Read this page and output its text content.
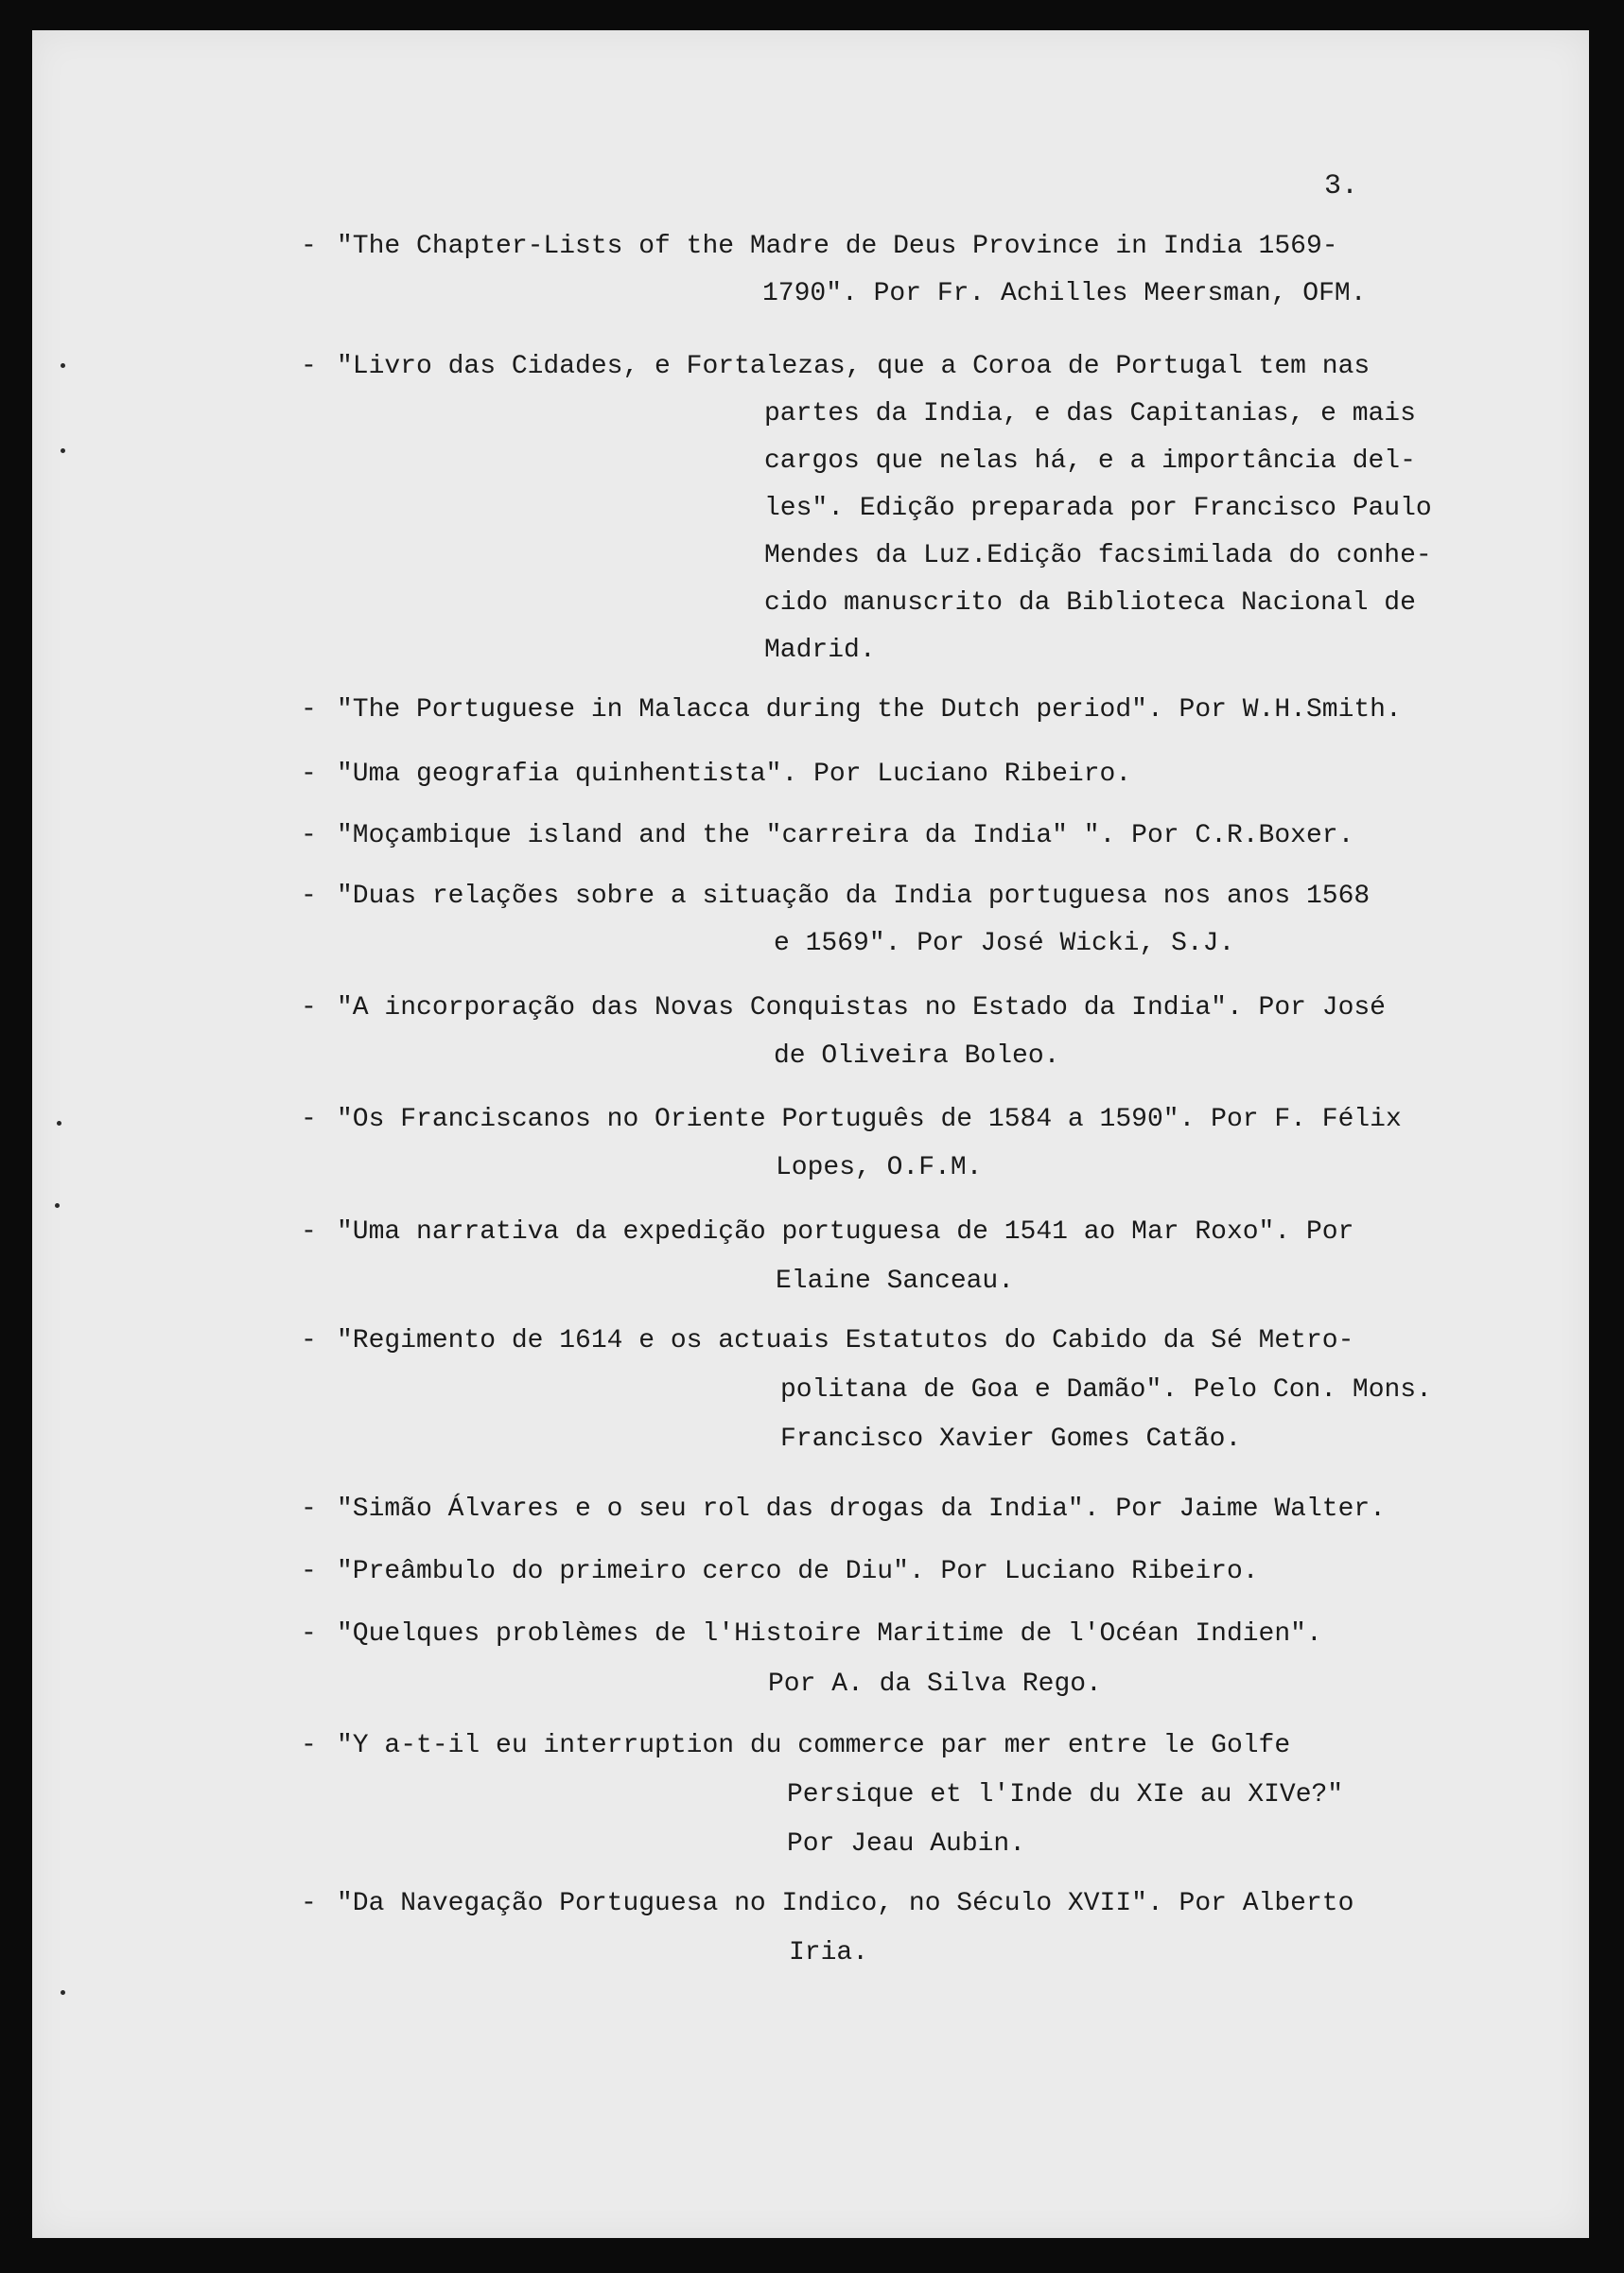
3.
- "The Chapter-Lists of the Madre de Deus Province in India 1569-
1790". Por Fr. Achilles Meersman, OFM.
- "Livro das Cidades, e Fortalezas, que a Coroa de Portugal tem nas
partes da India, e das Capitanias, e mais
cargos que nelas há, e a importância del-
les". Edição preparada por Francisco Paulo
Mendes da Luz.Edição facsimilada do conhe-
cido manuscrito da Biblioteca Nacional de
Madrid.
- "The Portuguese in Malacca during the Dutch period". Por W.H.Smith.
- "Uma geografia quinhentista". Por Luciano Ribeiro.
- "Moçambique island and the "carreira da India" ". Por C.R.Boxer.
- "Duas relações sobre a situação da India portuguesa nos anos 1568
e 1569". Por José Wicki, S.J.
- "A incorporação das Novas Conquistas no Estado da India". Por José
de Oliveira Boleo.
- "Os Franciscanos no Oriente Português de 1584 a 1590". Por F. Félix
Lopes, O.F.M.
- "Uma narrativa da expedição portuguesa de 1541 ao Mar Roxo". Por
Elaine Sanceau.
- "Regimento de 1614 e os actuais Estatutos do Cabido da Sé Metro-
politana de Goa e Damão". Pelo Con. Mons.
Francisco Xavier Gomes Catão.
- "Simão Álvares e o seu rol das drogas da India". Por Jaime Walter.
- "Preâmbulo do primeiro cerco de Diu". Por Luciano Ribeiro.
- "Quelques problèmes de l'Histoire Maritime de l'Océan Indien".
Por A. da Silva Rego.
- "Y a-t-il eu interruption du commerce par mer entre le Golfe
Persique et l'Inde du XIe au XIVe?"
Por Jeau Aubin.
- "Da Navegação Portuguesa no Indico, no Século XVII". Por Alberto
Iria.
